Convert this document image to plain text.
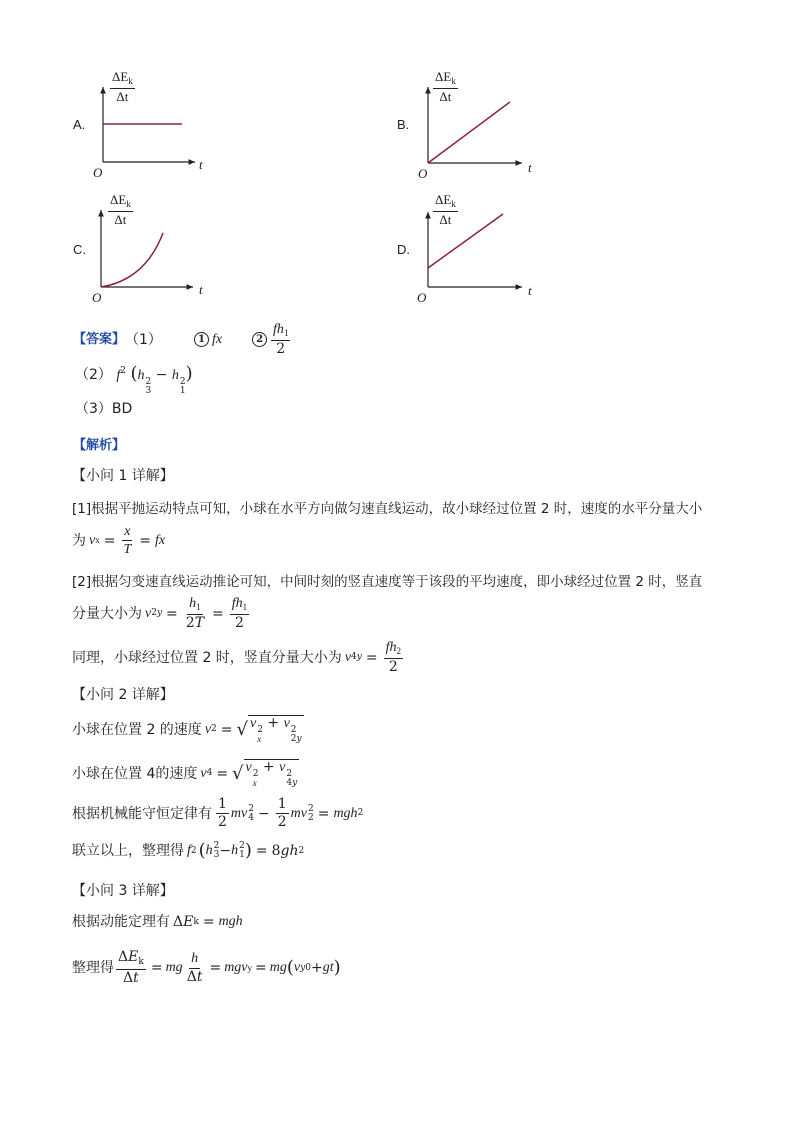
A.	B.
C.	D.
$\frac{\Delta E_k}{\Delta t}$	$\frac{\Delta E_k}{\Delta t}$
$\frac{\Delta E_k}{\Delta t}$	$\frac{\Delta E_k}{\Delta t}$
O
t
O	t
O
t
O	t
【答案】 （1）	1 fx	$2 \frac{fh_1}{2}$
（2） $f^2$ (h 2
3
− h 2
1
)
（3）BD
【解析】
【小问 1 详解】
[1]根据平抛运动特点可知，小球在水平方向做匀速直线运动，故小球经过位置 2 时，速度的水平分量大小
为 v $x = \frac{x}{T}$ = fx
[2]根据匀变速直线运动推论可知，中间时刻的竖直速度等于该段的平均速度，即小球经过位置 2 时，竖直
分量大小为 v $2y = \frac{h_1}{2T} = \frac{fh_1}{2}$
同理，小球经过位置 2 时，竖直分量大小为 v $4y = \frac{fh_2}{2}$
【小问 2 详解】
小球在位置 2 的速度 v 2 = √ v 2
x
+ v 2
2y
小球在位置 4的速度 v 4 = √ v 2
x
+ v 2
4y
根据机械能守恒定律有 $\frac{1}{2}$ mv 2
$4 - \frac{1}{2}$ mv 2
2 = mgh 2
联立以上，整理得 f 2 ( h 2
3 − h 2
1 ) = 8gh 2
【小问 3 详解】
根据动能定理有 ΔE k = mgh
整理得 $\frac{\Delta E_k}{\Delta t}$ = mg $\frac{h}{\Delta t}$ = mgv y = mg ( v y0 + gt )
